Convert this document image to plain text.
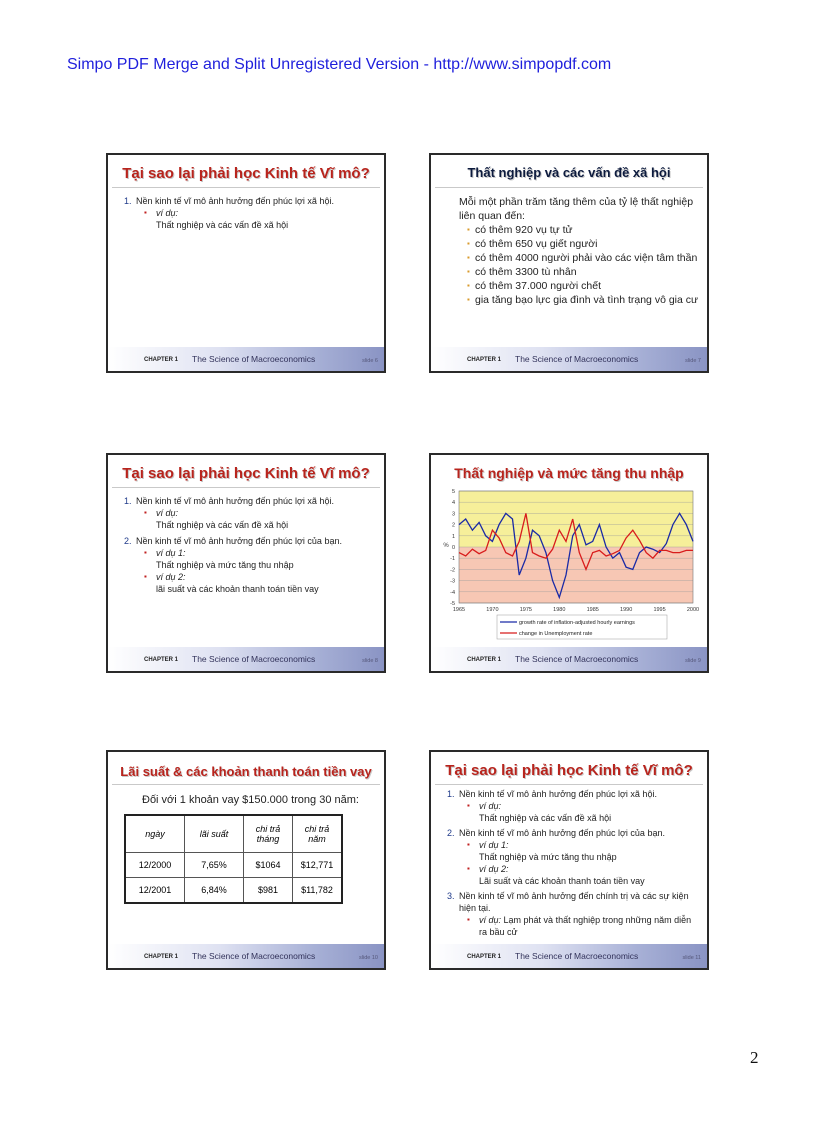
Simpo PDF Merge and Split Unregistered Version - http://www.simpopdf.com
Tại sao lại phải học Kinh tế Vĩ mô?
1. Nền kinh tế vĩ mô ảnh hưởng đến phúc lợi xã hội.
▪	ví dụ:
Thất nghiệp và các vấn đề xã hội
CHAPTER 1 The Science of Macroeconomics	slide 6
Thất nghiệp và các vấn đề xã hội
Mỗi một phần trăm tăng thêm của tỷ lệ thất nghiệp liên quan đến:
▪ có thêm 920 vụ tự tử
▪ có thêm 650 vụ giết người
▪ có thêm 4000 người phải vào các viện tâm thần
▪ có thêm 3300 tù nhân
▪ có thêm 37.000 người chết
▪ gia tăng bạo lực gia đình và tình trạng vô gia cư
CHAPTER 1 The Science of Macroeconomics	slide 7
Tại sao lại phải học Kinh tế Vĩ mô?
1. Nền kinh tế vĩ mô ảnh hưởng đến phúc lợi xã hội.
▪	ví dụ:
Thất nghiệp và các vấn đề xã hội
2. Nền kinh tế vĩ mô ảnh hưởng đến phúc lợi của bạn.
▪	ví dụ 1:
Thất nghiệp và mức tăng thu nhập
▪	ví dụ 2:
lãi suất và các khoản thanh toán tiền vay
CHAPTER 1 The Science of Macroeconomics	slide 8
Thất nghiệp và mức tăng thu nhập
5
4
3
2
1
0
-1
-2
-3
-4
-5
1965	1970	1975	1980	1985	1990	1995	2000
%
growth rate of inflation-adjusted hourly earnings
change in Unemployment rate
CHAPTER 1 The Science of Macroeconomics	slide 9
Lãi suất & các khoản thanh toán tiền vay
Đối với 1 khoản vay $150.000 trong 30 năm:
ngày	lãi suất	chi trả tháng	chi trả năm
12/2000	7,65%	$1064	$12,771
12/2001	6,84%	$981	$11,782
CHAPTER 1 The Science of Macroeconomics	slide 10
Tại sao lại phải học Kinh tế Vĩ mô?
1. Nền kinh tế vĩ mô ảnh hưởng đến phúc lợi xã hội.
▪	ví dụ:
Thất nghiệp và các vấn đề xã hội
2. Nền kinh tế vĩ mô ảnh hưởng đến phúc lợi của bạn.
▪	ví dụ 1:
Thất nghiệp và mức tăng thu nhập
▪	ví dụ 2:
Lãi suất và các khoản thanh toán tiền vay
3. Nền kinh tế vĩ mô ảnh hưởng đến chính trị và các sự kiện hiện tại.
▪	ví dụ: Lạm phát và thất nghiệp trong những năm diễn ra bầu cử
CHAPTER 1 The Science of Macroeconomics	slide 11
2
